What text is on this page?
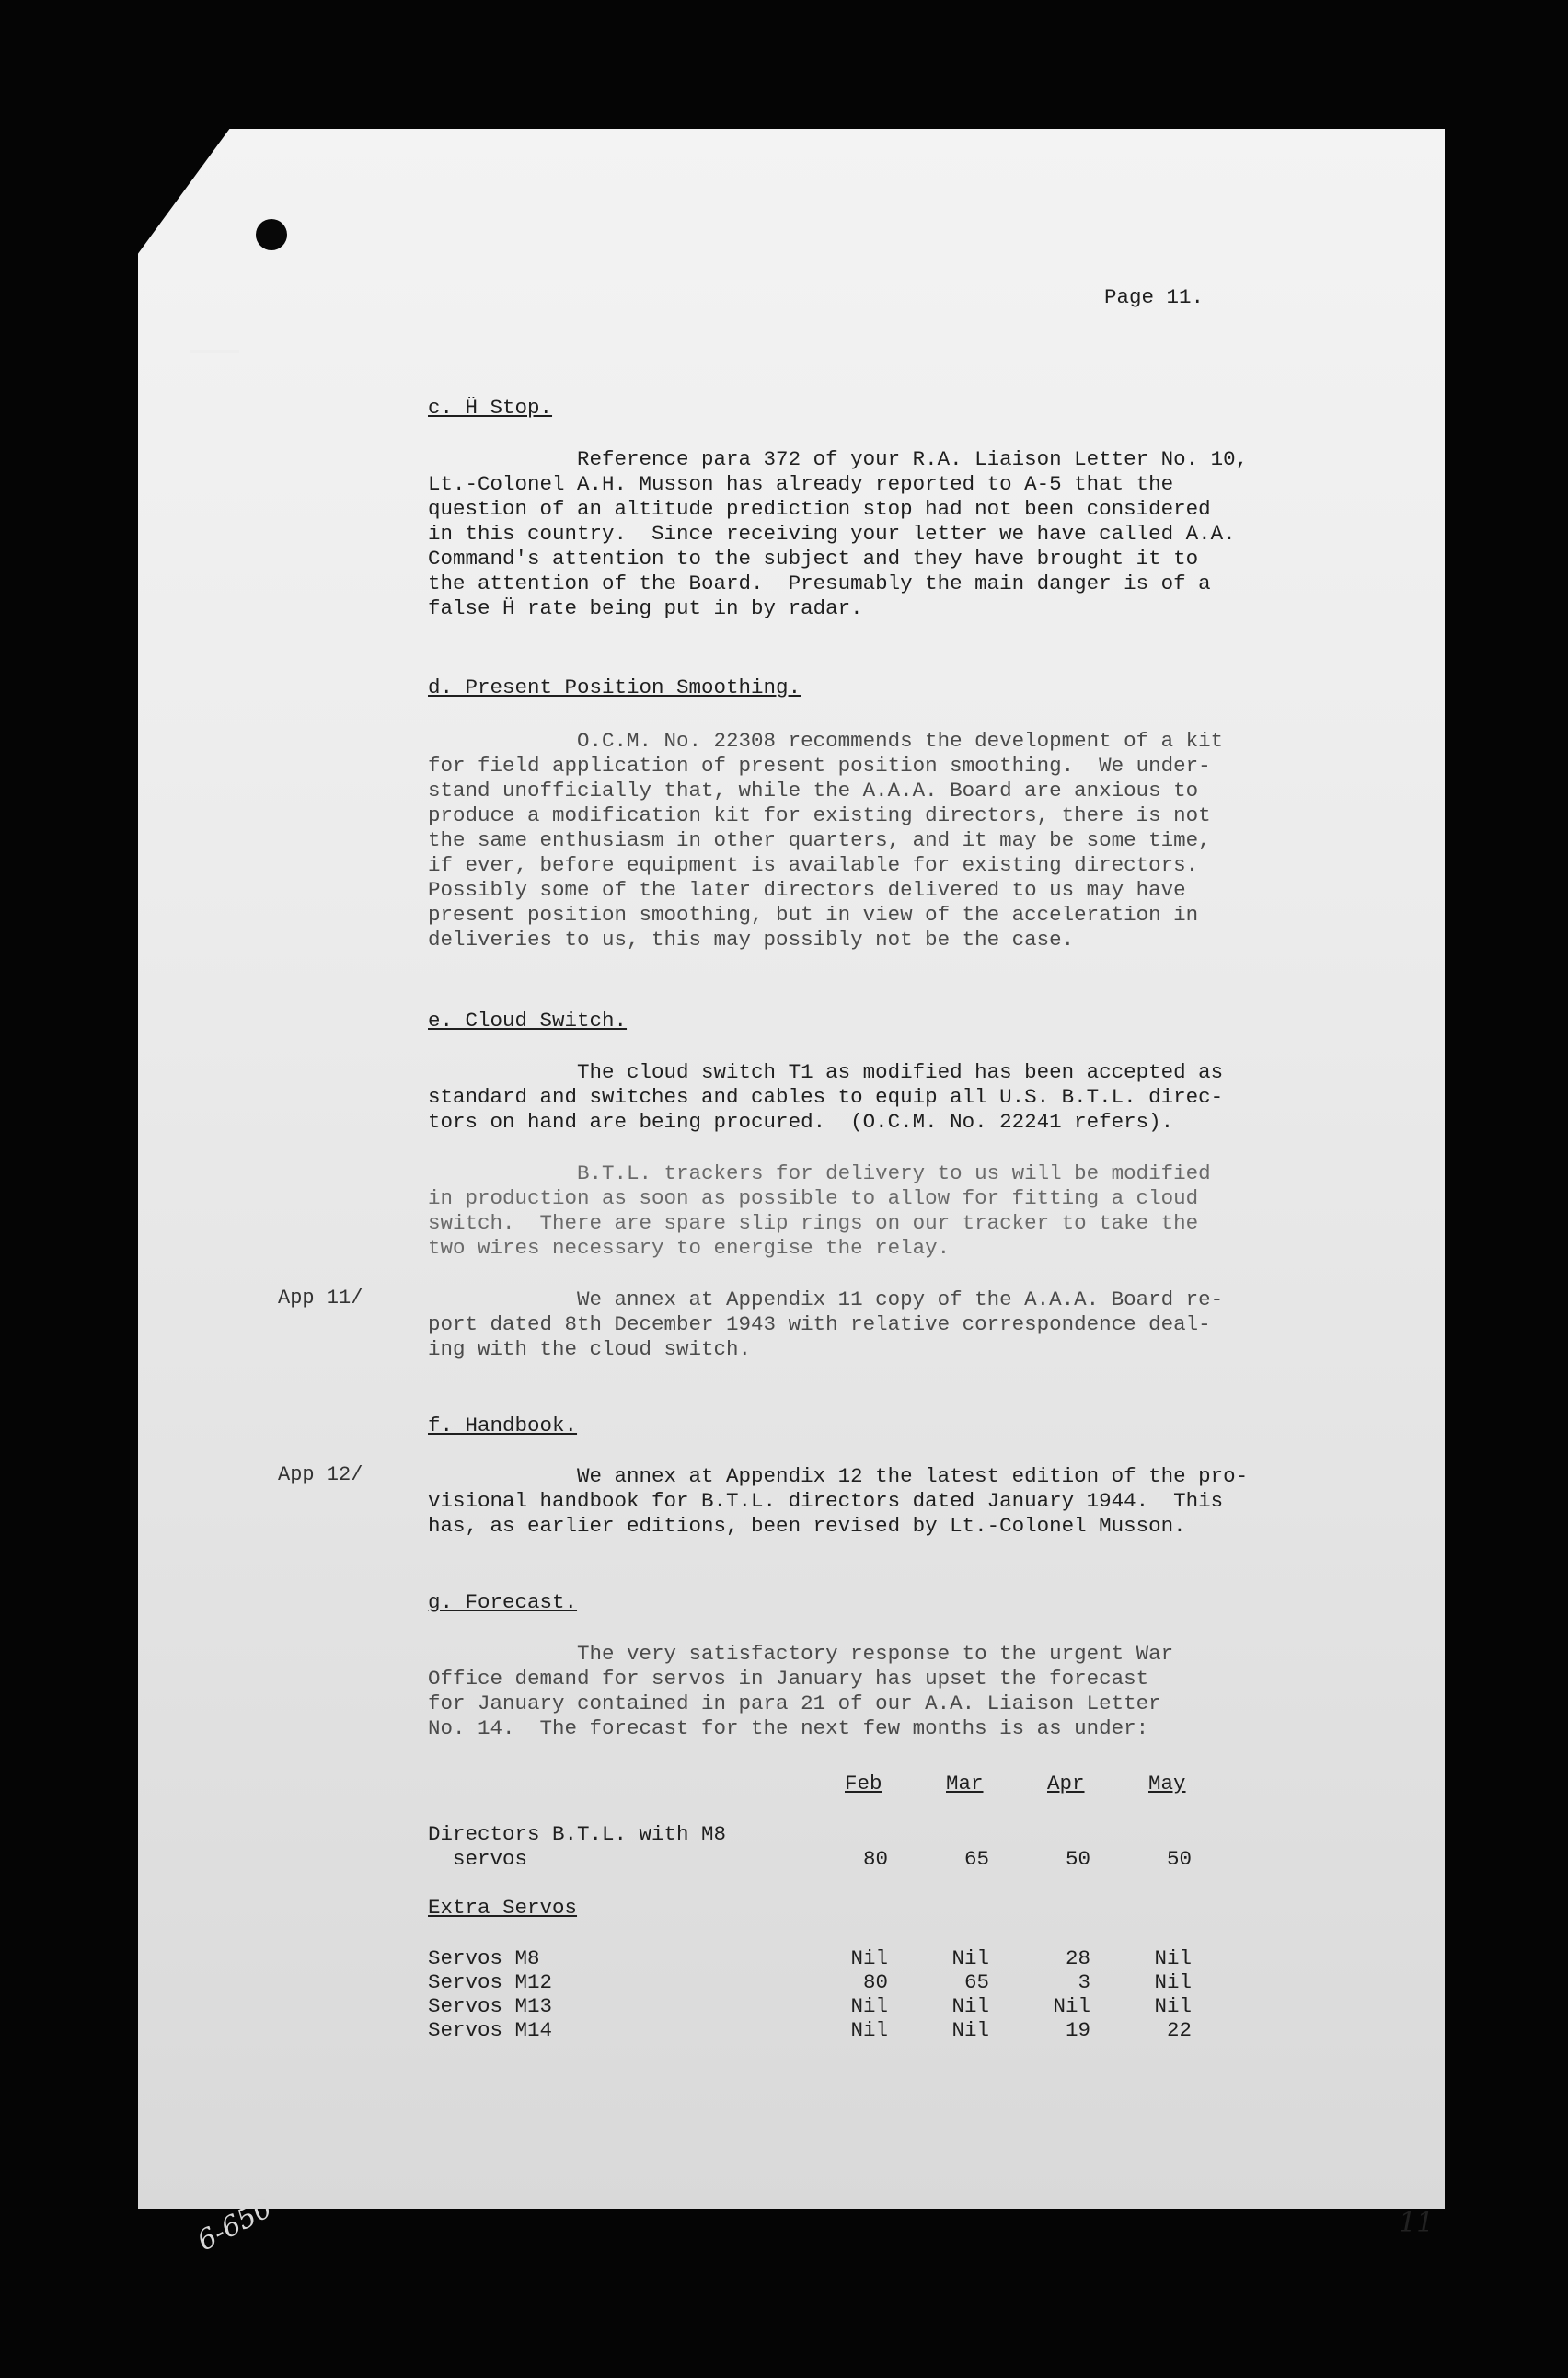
Page 11.
c. Ḧ Stop.
Reference para 372 of your R.A. Liaison Letter No. 10,
Lt.-Colonel A.H. Musson has already reported to A-5 that the
question of an altitude prediction stop had not been considered
in this country.  Since receiving your letter we have called A.A.
Command's attention to the subject and they have brought it to
the attention of the Board.  Presumably the main danger is of a
false Ḧ rate being put in by radar.
d. Present Position Smoothing.
O.C.M. No. 22308 recommends the development of a kit
for field application of present position smoothing.  We under-
stand unofficially that, while the A.A.A. Board are anxious to
produce a modification kit for existing directors, there is not
the same enthusiasm in other quarters, and it may be some time,
if ever, before equipment is available for existing directors.
Possibly some of the later directors delivered to us may have
present position smoothing, but in view of the acceleration in
deliveries to us, this may possibly not be the case.
e. Cloud Switch.
The cloud switch T1 as modified has been accepted as
standard and switches and cables to equip all U.S. B.T.L. direc-
tors on hand are being procured.  (O.C.M. No. 22241 refers).
B.T.L. trackers for delivery to us will be modified
in production as soon as possible to allow for fitting a cloud
switch.  There are spare slip rings on our tracker to take the
two wires necessary to energise the relay.
App 11/	We annex at Appendix 11 copy of the A.A.A. Board re-
port dated 8th December 1943 with relative correspondence deal-
ing with the cloud switch.
f. Handbook.
App 12/	We annex at Appendix 12 the latest edition of the pro-
visional handbook for B.T.L. directors dated January 1944.  This
has, as earlier editions, been revised by Lt.-Colonel Musson.
g. Forecast.
The very satisfactory response to the urgent War
Office demand for servos in January has upset the forecast
for January contained in para 21 of our A.A. Liaison Letter
No. 14.  The forecast for the next few months is as under:
Feb	Mar	Apr	May
Directors B.T.L. with M8
servos	80	65	50	50
Extra Servos
Servos M8	Nil	Nil	28	Nil
Servos M12	80	65	3	Nil
Servos M13	Nil	Nil	Nil	Nil
Servos M14	Nil	Nil	19	22
6-650	11
